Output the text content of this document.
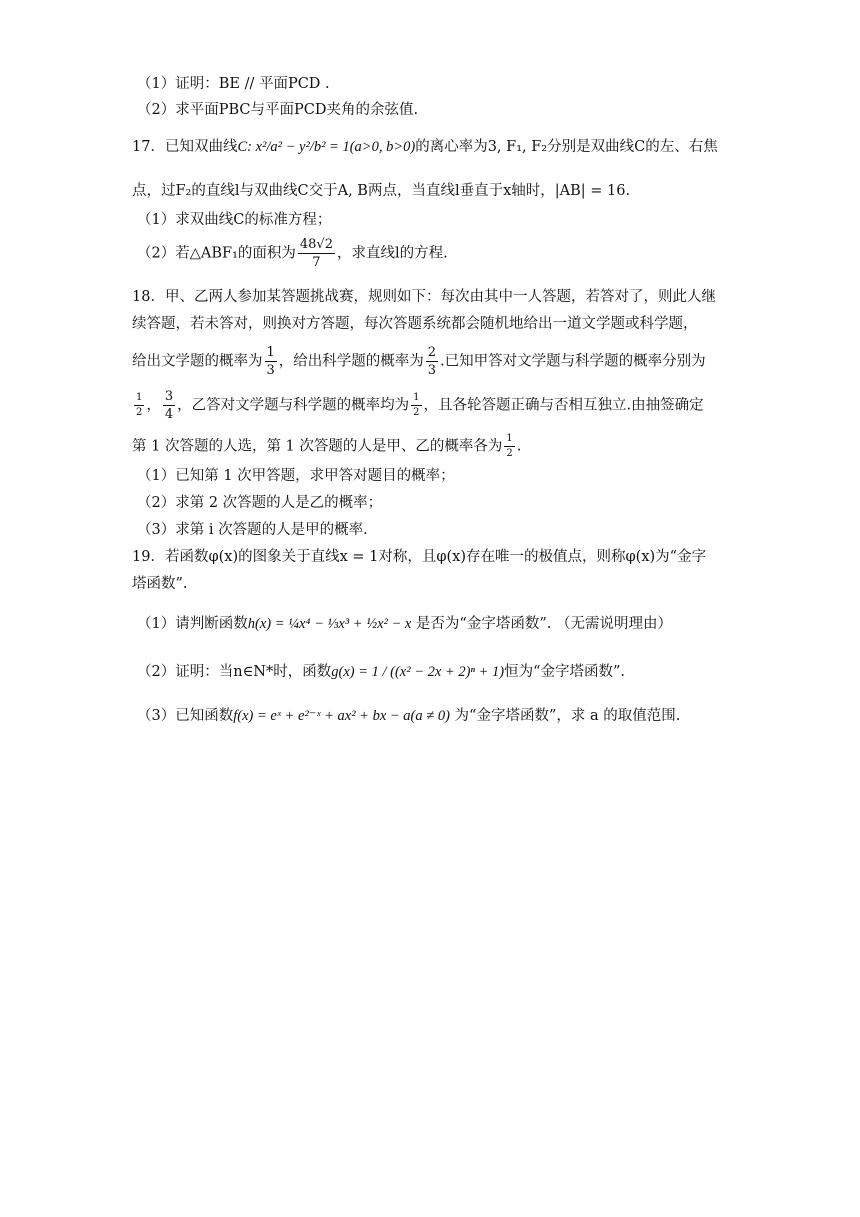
（1）证明：BE // 平面PCD .
（2）求平面PBC与平面PCD夹角的余弦值.
17．已知双曲线C: x²/a² − y²/b² = 1(a>0, b>0)的离心率为3, F₁, F₂分别是双曲线C的左、右焦
点，过F₂的直线l与双曲线C交于A, B两点，当直线l垂直于x轴时，|AB| = 16.
（1）求双曲线C的标准方程；
（2）若△ABF₁的面积为 $\frac{48√2}{7}$ ，求直线l的方程.
18．甲、乙两人参加某答题挑战赛，规则如下：每次由其中一人答题，若答对了，则此人继
续答题，若未答对，则换对方答题，每次答题系统都会随机地给出一道文学题或科学题，
给出文学题的概率为 $\frac{1}{3}$ ，给出科学题的概率为 $\frac{2}{3}$ .已知甲答对文学题与科学题的概率分别为
$\frac{1}{2}$ ， $\frac{3}{4}$ ，乙答对文学题与科学题的概率均为 $\frac{1}{2}$ ，且各轮答题正确与否相互独立.由抽签确定
第 1 次答题的人选，第 1 次答题的人是甲、乙的概率各为 $\frac{1}{2}$ .
（1）已知第 1 次甲答题，求甲答对题目的概率；
（2）求第 2 次答题的人是乙的概率；
（3）求第 i 次答题的人是甲的概率.
19．若函数φ(x)的图象关于直线x = 1对称，且φ(x)存在唯一的极值点，则称φ(x)为“金字
塔函数”.
（1）请判断函数h(x) = ¼x⁴ − ⅓x³ + ½x² − x 是否为“金字塔函数”. （无需说明理由）
（2）证明：当n∈N*时，函数g(x) = 1 / ((x² − 2x + 2)ⁿ + 1)恒为“金字塔函数”.
（3）已知函数f(x) = eˣ + e²⁻ˣ + ax² + bx − a(a ≠ 0) 为“金字塔函数”，求 a 的取值范围.
